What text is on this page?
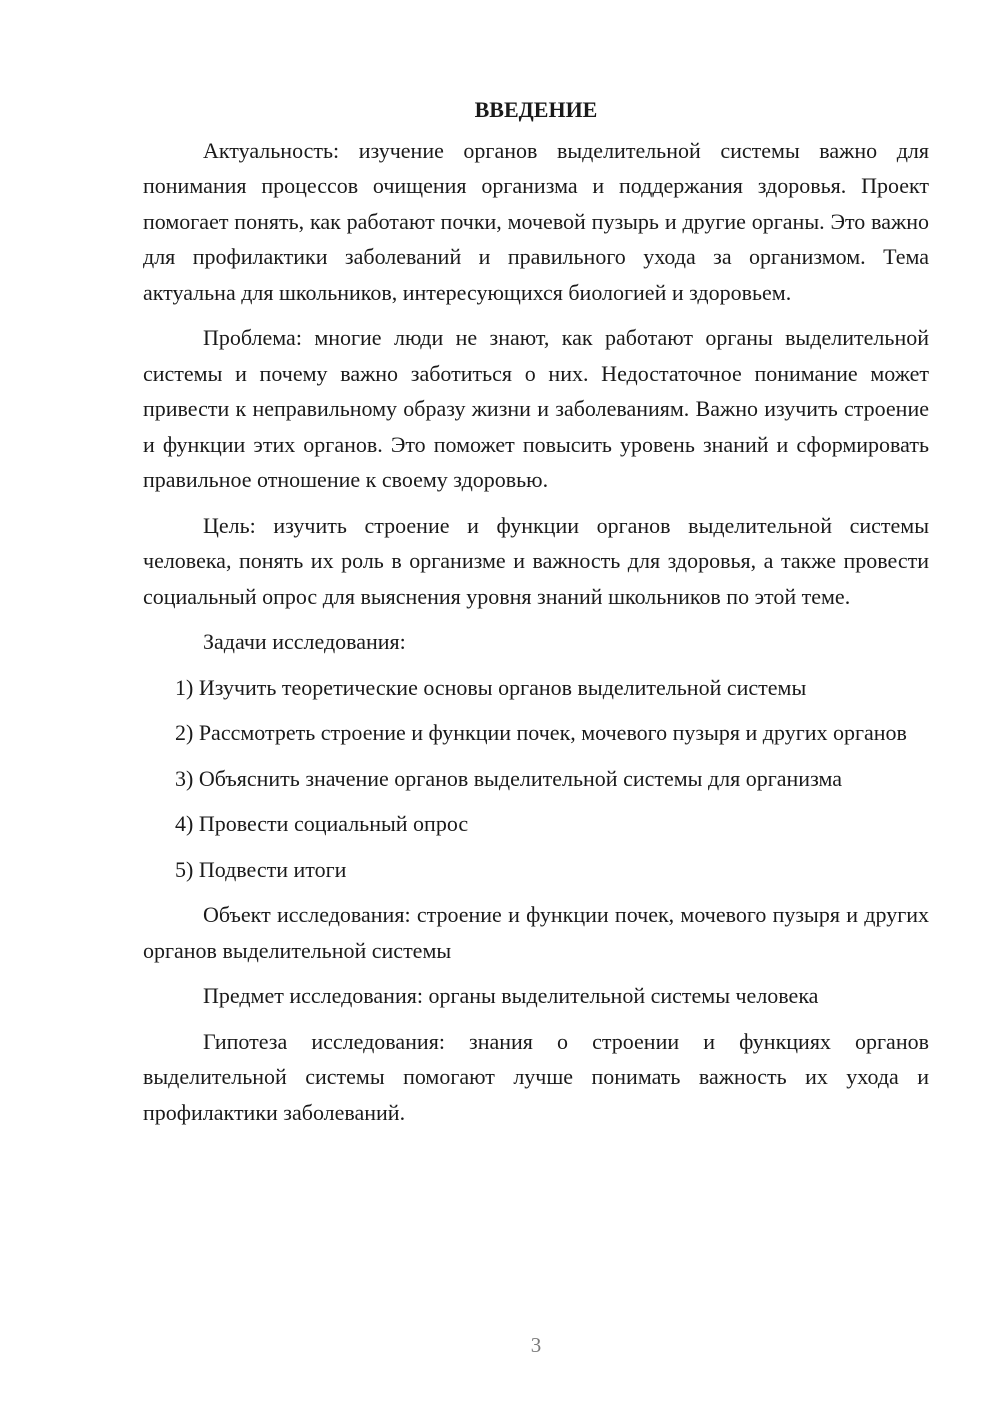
ВВЕДЕНИЕ

Актуальность: изучение органов выделительной системы важно для понимания процессов очищения организма и поддержания здоровья. Проект помогает понять, как работают почки, мочевой пузырь и другие органы. Это важно для профилактики заболеваний и правильного ухода за организмом. Тема актуальна для школьников, интересующихся биологией и здоровьем.

Проблема: многие люди не знают, как работают органы выделительной системы и почему важно заботиться о них. Недостаточное понимание может привести к неправильному образу жизни и заболеваниям. Важно изучить строение и функции этих органов. Это поможет повысить уровень знаний и сформировать правильное отношение к своему здоровью.

Цель: изучить строение и функции органов выделительной системы человека, понять их роль в организме и важность для здоровья, а также провести социальный опрос для выяснения уровня знаний школьников по этой теме.

Задачи исследования:

1) Изучить теоретические основы органов выделительной системы

2) Рассмотреть строение и функции почек, мочевого пузыря и других органов

3) Объяснить значение органов выделительной системы для организма

4) Провести социальный опрос

5) Подвести итоги

Объект исследования: строение и функции почек, мочевого пузыря и других органов выделительной системы

Предмет исследования: органы выделительной системы человека

Гипотеза исследования: знания о строении и функциях органов выделительной системы помогают лучше понимать важность их ухода и профилактики заболеваний.

3
